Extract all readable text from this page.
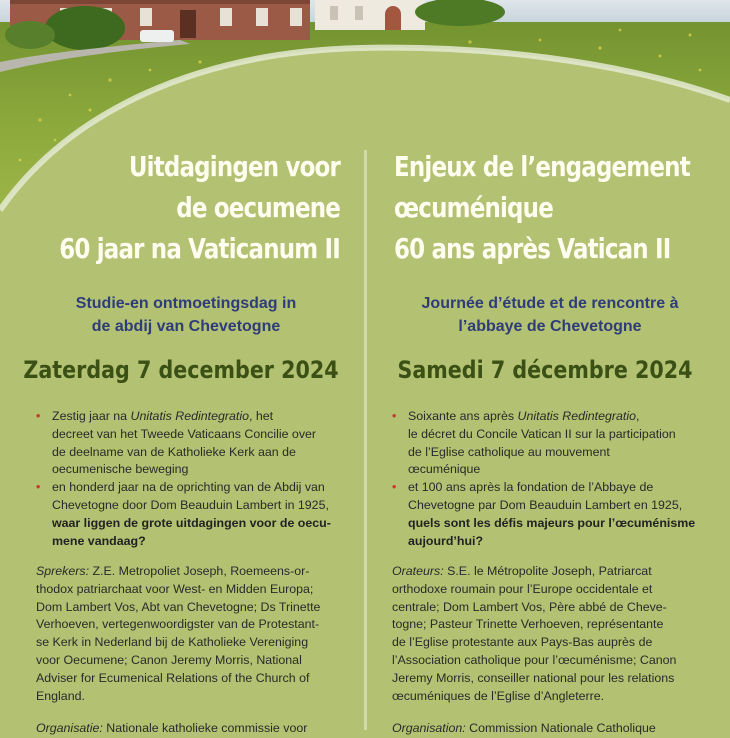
Uitdagingen voor
de oecumene
60 jaar na Vaticanum II
Studie-en ontmoetingsdag in
de abdij van Chevetogne
Zaterdag 7 december 2024

• Zestig jaar na Unitatis Redintegratio, het
decreet van het Tweede Vaticaans Concilie over
de deelname van de Katholieke Kerk aan de
oecumenische beweging

• en honderd jaar na de oprichting van de Abdij van
Chevetogne door Dom Beauduin Lambert in 1925,
waar liggen de grote uitdagingen voor de oecu-
mene vandaag?

Sprekers: Z.E. Metropoliet Joseph, Roemeens-or-
thodox patriarchaat voor West- en Midden Europa;
Dom Lambert Vos, Abt van Chevetogne; Ds Trinette
Verhoeven, vertegenwoordigster van de Protestant-
se Kerk in Nederland bij de Katholieke Vereniging
voor Oecumene; Canon Jeremy Morris, National
Adviser for Ecumenical Relations of the Church of
England.
Organisatie: Nationale katholieke commissie voor
Enjeux de l’engagement
œcuménique
60 ans après Vatican II
Journée d’étude et de rencontre à
l’abbaye de Chevetogne
Samedi 7 décembre 2024

• Soixante ans après Unitatis Redintegratio,
le décret du Concile Vatican II sur la participation
de l’Eglise catholique au mouvement
œcuménique

• et 100 ans après la fondation de l’Abbaye de
Chevetogne par Dom Beauduin Lambert en 1925,
quels sont les défis majeurs pour l’œcuménisme
aujourd’hui?

Orateurs: S.E. le Métropolite Joseph, Patriarcat
orthodoxe roumain pour l’Europe occidentale et
centrale; Dom Lambert Vos, Père abbé de Cheve-
togne; Pasteur Trinette Verhoeven, représentante
de l’Eglise protestante aux Pays-Bas auprès de
l’Association catholique pour l’œcuménisme; Canon
Jeremy Morris, conseiller national pour les relations
œcuméniques de l’Eglise d’Angleterre.
Organisation: Commission Nationale Catholique
